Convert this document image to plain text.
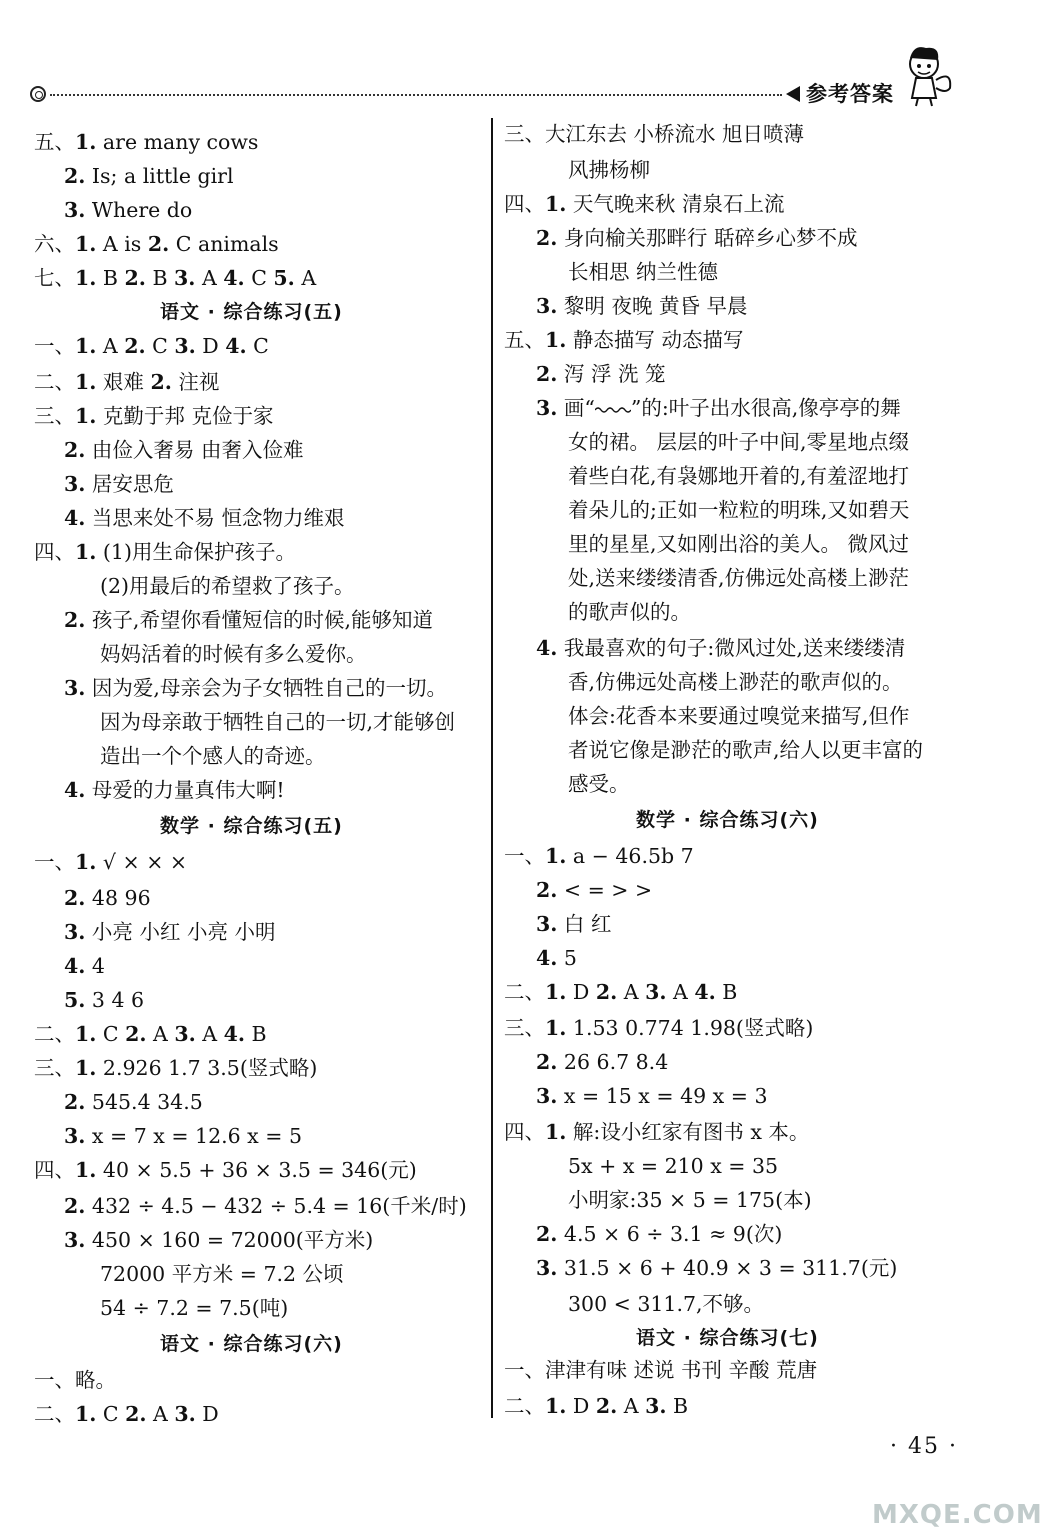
参考答案
五、1. are many cows
2. Is; a little girl
3. Where do
六、1. A is 2. C animals
七、1. B 2. B 3. A 4. C 5. A
语文 · 综合练习(五)
一、1. A 2. C 3. D 4. C
二、1. 艰难 2. 注视
三、1. 克勤于邦 克俭于家
2. 由俭入奢易 由奢入俭难
3. 居安思危
4. 当思来处不易 恒念物力维艰
四、1. (1)用生命保护孩子。
(2)用最后的希望救了孩子。
2. 孩子,希望你看懂短信的时候,能够知道
妈妈活着的时候有多么爱你。
3. 因为爱,母亲会为子女牺牲自己的一切。
因为母亲敢于牺牲自己的一切,才能够创
造出一个个感人的奇迹。
4. 母爱的力量真伟大啊!
数学 · 综合练习(五)
一、1. √ × × ×
2. 48 96
3. 小亮 小红 小亮 小明
4. 4
5. 3 4 6
二、1. C 2. A 3. A 4. B
三、1. 2.926 1.7 3.5(竖式略)
2. 545.4 34.5
3. x = 7 x = 12.6 x = 5
四、1. 40 × 5.5 + 36 × 3.5 = 346(元)
2. 432 ÷ 4.5 − 432 ÷ 5.4 = 16(千米/时)
3. 450 × 160 = 72000(平方米)
72000 平方米 = 7.2 公顷
54 ÷ 7.2 = 7.5(吨)
语文 · 综合练习(六)
一、略。
二、1. C 2. A 3. D
三、大江东去 小桥流水 旭日喷薄
风拂杨柳
四、1. 天气晚来秋 清泉石上流
2. 身向榆关那畔行 聒碎乡心梦不成
长相思 纳兰性德
3. 黎明 夜晚 黄昏 早晨
五、1. 静态描写 动态描写
2. 泻 浮 洗 笼
3. 画“ ”的:叶子出水很高,像亭亭的舞
女的裙。 层层的叶子中间,零星地点缀
着些白花,有袅娜地开着的,有羞涩地打
着朵儿的;正如一粒粒的明珠,又如碧天
里的星星,又如刚出浴的美人。 微风过
处,送来缕缕清香,仿佛远处高楼上渺茫
的歌声似的。
4. 我最喜欢的句子:微风过处,送来缕缕清
香,仿佛远处高楼上渺茫的歌声似的。
体会:花香本来要通过嗅觉来描写,但作
者说它像是渺茫的歌声,给人以更丰富的
感受。
数学 · 综合练习(六)
一、1. a − 46.5b 7
2. < = > >
3. 白 红
4. 5
二、1. D 2. A 3. A 4. B
三、1. 1.53 0.774 1.98(竖式略)
2. 26 6.7 8.4
3. x = 15 x = 49 x = 3
四、1. 解:设小红家有图书 x 本。
5x + x = 210 x = 35
小明家:35 × 5 = 175(本)
2. 4.5 × 6 ÷ 3.1 ≈ 9(次)
3. 31.5 × 6 + 40.9 × 3 = 311.7(元)
300 < 311.7,不够。
语文 · 综合练习(七)
一、津津有味 述说 书刊 辛酸 荒唐
二、1. D 2. A 3. B
· 45 ·
MXQE.COM
